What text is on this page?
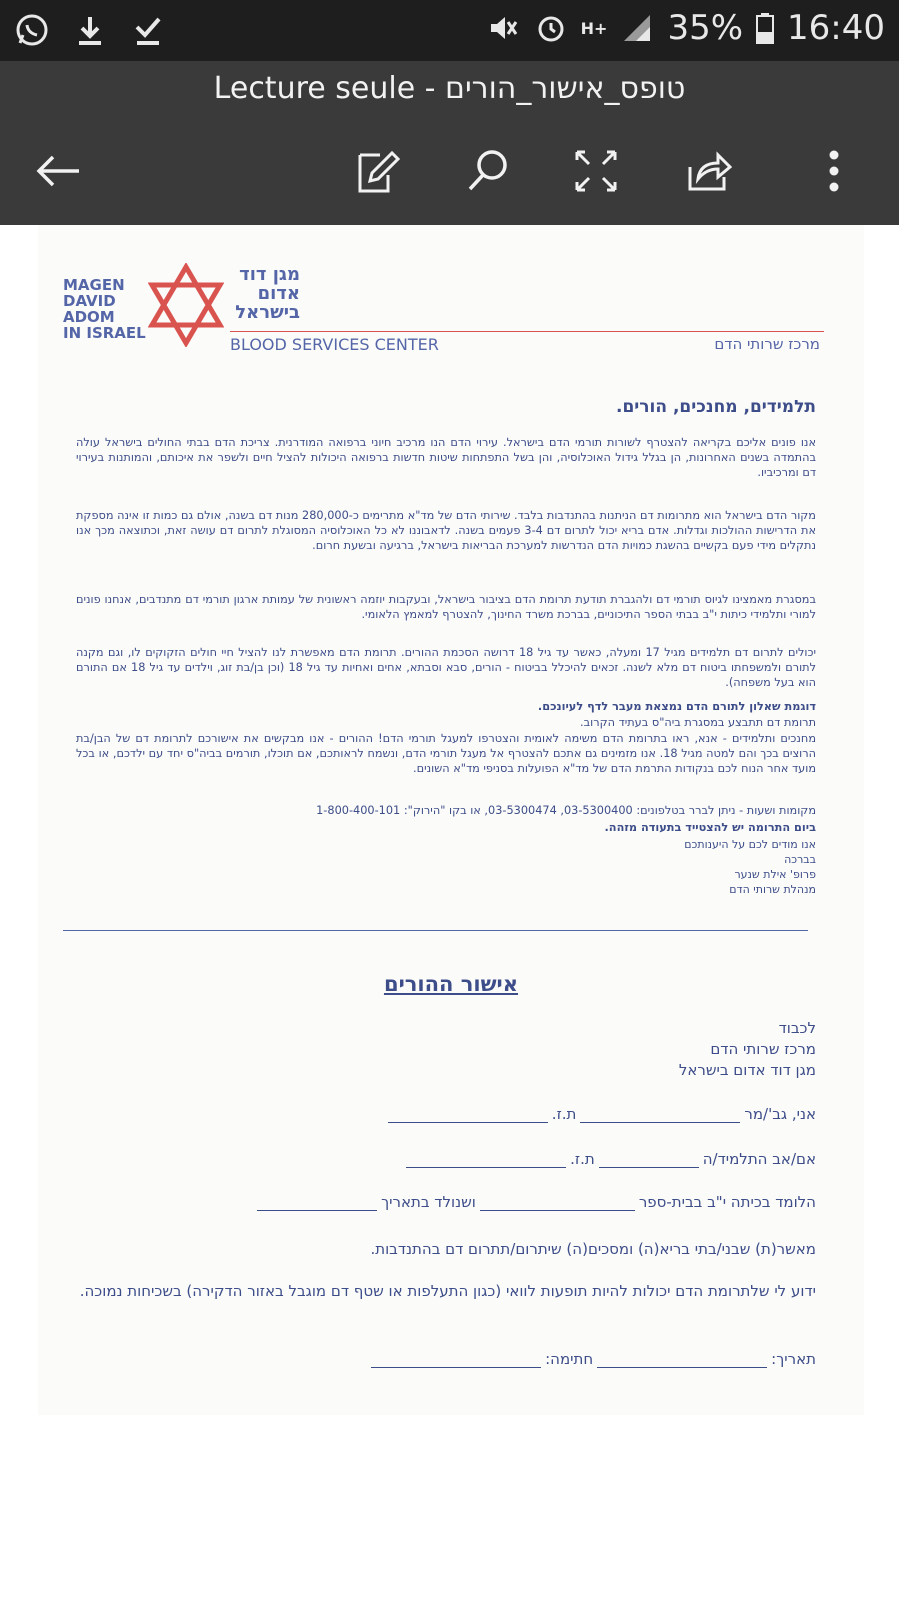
H+ 35% 16:40
Lecture seule - טופס_אישור_הורים
MAGEN
DAVID
ADOM
IN ISRAEL
מגן דוד
אדום
בישראל
BLOOD SERVICES CENTER	מרכז שרותי הדם
תלמידים, מחנכים, הורים.
אנו פונים אליכם בקריאה להצטרף לשורות תורמי הדם בישראל. עירוי הדם הנו מרכיב חיוני ברפואה המודרנית. צריכת הדם בבתי החולים בישראל עולה בהתמדה בשנים האחרונות, הן בגלל גידול האוכלוסיה, והן בשל התפתחות שיטות חדשות ברפואה היכולות להציל חיים ולשפר את איכותם, והמותנות בעירוי דם ומרכיביו.
מקור הדם בישראל הוא מתרומות דם הניתנות בהתנדבות בלבד. שירותי הדם של מד"א מתרימים כ-280,000 מנות דם בשנה, אולם גם כמות זו אינה מספקת את הדרישות ההולכות וגדלות. אדם בריא יכול לתרום דם 3-4 פעמים בשנה. לדאבוננו לא כל האוכלוסיה המסוגלת לתרום דם עושה זאת, וכתוצאה מכך אנו נתקלים מידי פעם בקשיים בהשגת כמויות הדם הנדרשות למערכת הבריאות בישראל, ברגיעה ובשעת חרום.
במסגרת מאמצינו לגיוס תורמי דם ולהגברת תודעת תרומת הדם בציבור בישראל, ובעקבות יוזמה ראשונית של עמותת ארגון תורמי דם מתנדבים, אנחנו פונים למורי ותלמידי כיתות י"ב בבתי הספר התיכוניים, בברכת משרד החינוך, להצטרף למאמץ הלאומי.
יכולים לתרום דם תלמידים מגיל 17 ומעלה, כאשר עד גיל 18 דרושה הסכמת ההורים. תרומת הדם מאפשרת לנו להציל חיי חולים הזקוקים לו, וגם מקנה לתורם ולמשפחתו ביטוח דם מלא לשנה. זכאים להיכלל בביטוח - הורים, סבא וסבתא, אחים ואחיות עד גיל 18 (וכן בן/בת זוג, וילדים עד גיל 18 אם התורם הוא בעל משפחה).
דוגמת שאלון לתורם הדם נמצאת מעבר לדף לעיונכם.
תרומת דם תתבצע במסגרת ביה"ס בעתיד הקרוב.
מחנכים ותלמידים - אנא, ראו בתרומת הדם משימה לאומית והצטרפו למעגל תורמי הדם! ההורים - אנו מבקשים את אישורכם לתרומת דם של הבן/בת הרוצים בכך והם למטה מגיל 18. אנו מזמינים גם אתכם להצטרף אל מעגל תורמי הדם, ונשמח לראותכם, אם תוכלו, תורמים בביה"ס יחד עם ילדכם, או בכל מועד אחר הנוח לכם בנקודות התרמת הדם של מד"א הפועלות בסניפי מד"א השונים.
מקומות ושעות - ניתן לברר בטלפונים: 03-5300400, 03-5300474, או בקו "הירוק": 1-800-400-101
ביום התרומה יש להצטייד בתעודה מזהה.
אנו מודים לכם על היענותכם
בברכה
פרופ' אילת שנער
מנהלת שרותי הדם
אישור ההורים
לכבוד
מרכז שרותי הדם
מגן דוד אדום בישראל
אני, גב'/מרת.ז.
אם/אב התלמיד/הת.ז.
הלומד בכיתה י"ב בבית-ספרושנולד בתאריך
מאשר(ת) שבני/בתי בריא(ה) ומסכים(ה) שיתרום/תתרום דם בהתנדבות.
ידוע לי שלתרומת הדם יכולות להיות תופעות לוואי (כגון התעלפות או שטף דם מוגבל באזור הדקירה) בשכיחות נמוכה.
תאריך:חתימה:
